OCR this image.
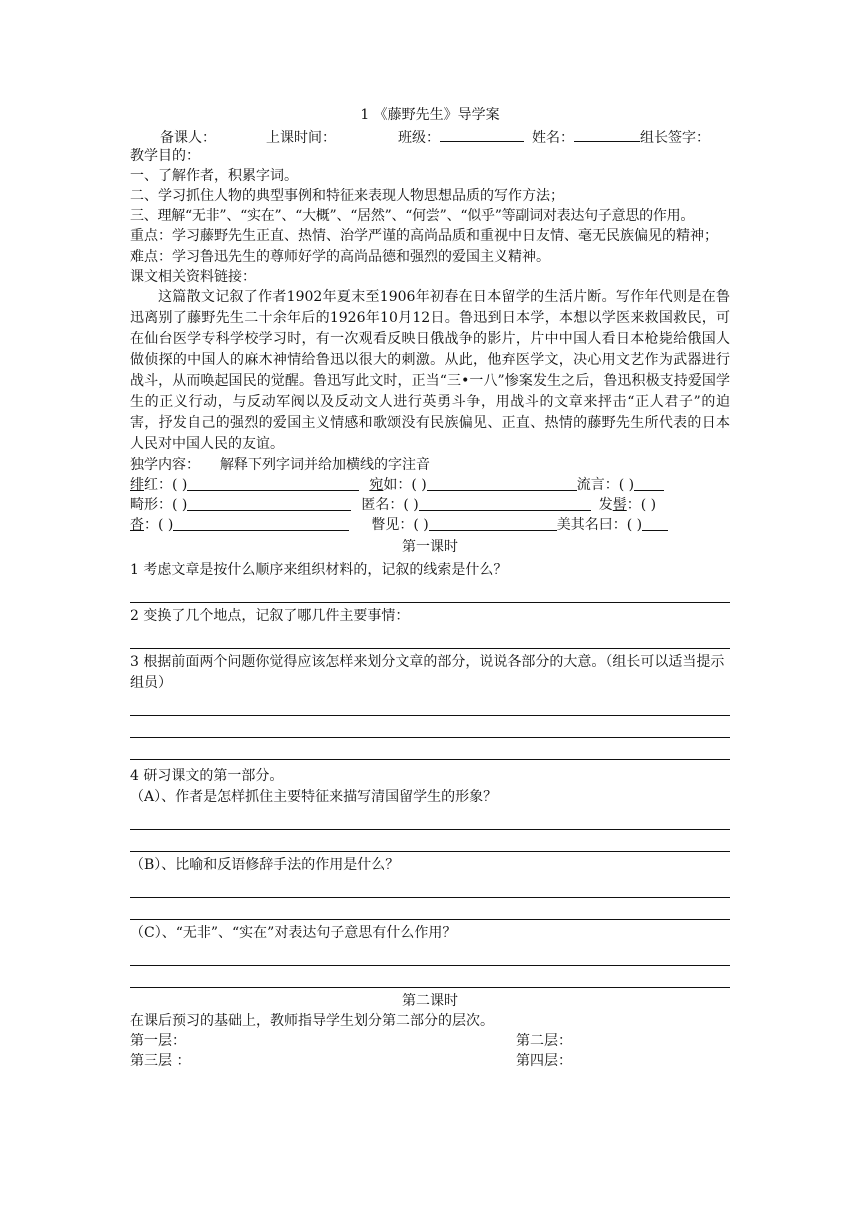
1 《藤野先生》导学案
备课人：	上课时间：	班级：	姓名：	组长签字：
教学目的：
一、了解作者，积累字词。
二、学习抓住人物的典型事例和特征来表现人物思想品质的写作方法；
三、理解“无非”、“实在”、“大概”、“居然”、“何尝”、“似乎”等副词对表达句子意思的作用。
重点：学习藤野先生正直、热情、治学严谨的高尚品质和重视中日友情、毫无民族偏见的精神；
难点：学习鲁迅先生的尊师好学的高尚品德和强烈的爱国主义精神。
课文相关资料链接：
这篇散文记叙了作者1902年夏末至1906年初春在日本留学的生活片断。写作年代则是在鲁迅离别了藤野先生二十余年后的1926年10月12日。鲁迅到日本学，本想以学医来救国救民，可在仙台医学专科学校学习时，有一次观看反映日俄战争的影片，片中中国人看日本枪毙给俄国人做侦探的中国人的麻木神情给鲁迅以很大的刺激。从此，他弃医学文，决心用文艺作为武器进行战斗，从而唤起国民的觉醒。鲁迅写此文时，正当“三•一八”惨案发生之后，鲁迅积极支持爱国学生的正义行动，与反动军阀以及反动文人进行英勇斗争，用战斗的文章来抨击“正人君子”的迫害，抒发自己的强烈的爱国主义情感和歌颂没有民族偏见、正直、热情的藤野先生所代表的日本人民对中国人民的友谊。
独学内容： 解释下列字词并给加横线的字注音
绯红：( )	宛如：( )	流言：( )
畸形：( )	匿名：( )	发髻：( )
沓：( )	瞥见：( )	美其名曰：( )
第一课时
1 考虑文章是按什么顺序来组织材料的，记叙的线索是什么？
2 变换了几个地点，记叙了哪几件主要事情：
3 根据前面两个问题你觉得应该怎样来划分文章的部分，说说各部分的大意。（组长可以适当提示组员）
4 研习课文的第一部分。
（A）、作者是怎样抓住主要特征来描写清国留学生的形象？
（B）、比喻和反语修辞手法的作用是什么？
（C）、“无非”、“实在”对表达句子意思有什么作用？
第二课时
在课后预习的基础上，教师指导学生划分第二部分的层次。
第一层：	第二层：
第三层 ：	第四层：
